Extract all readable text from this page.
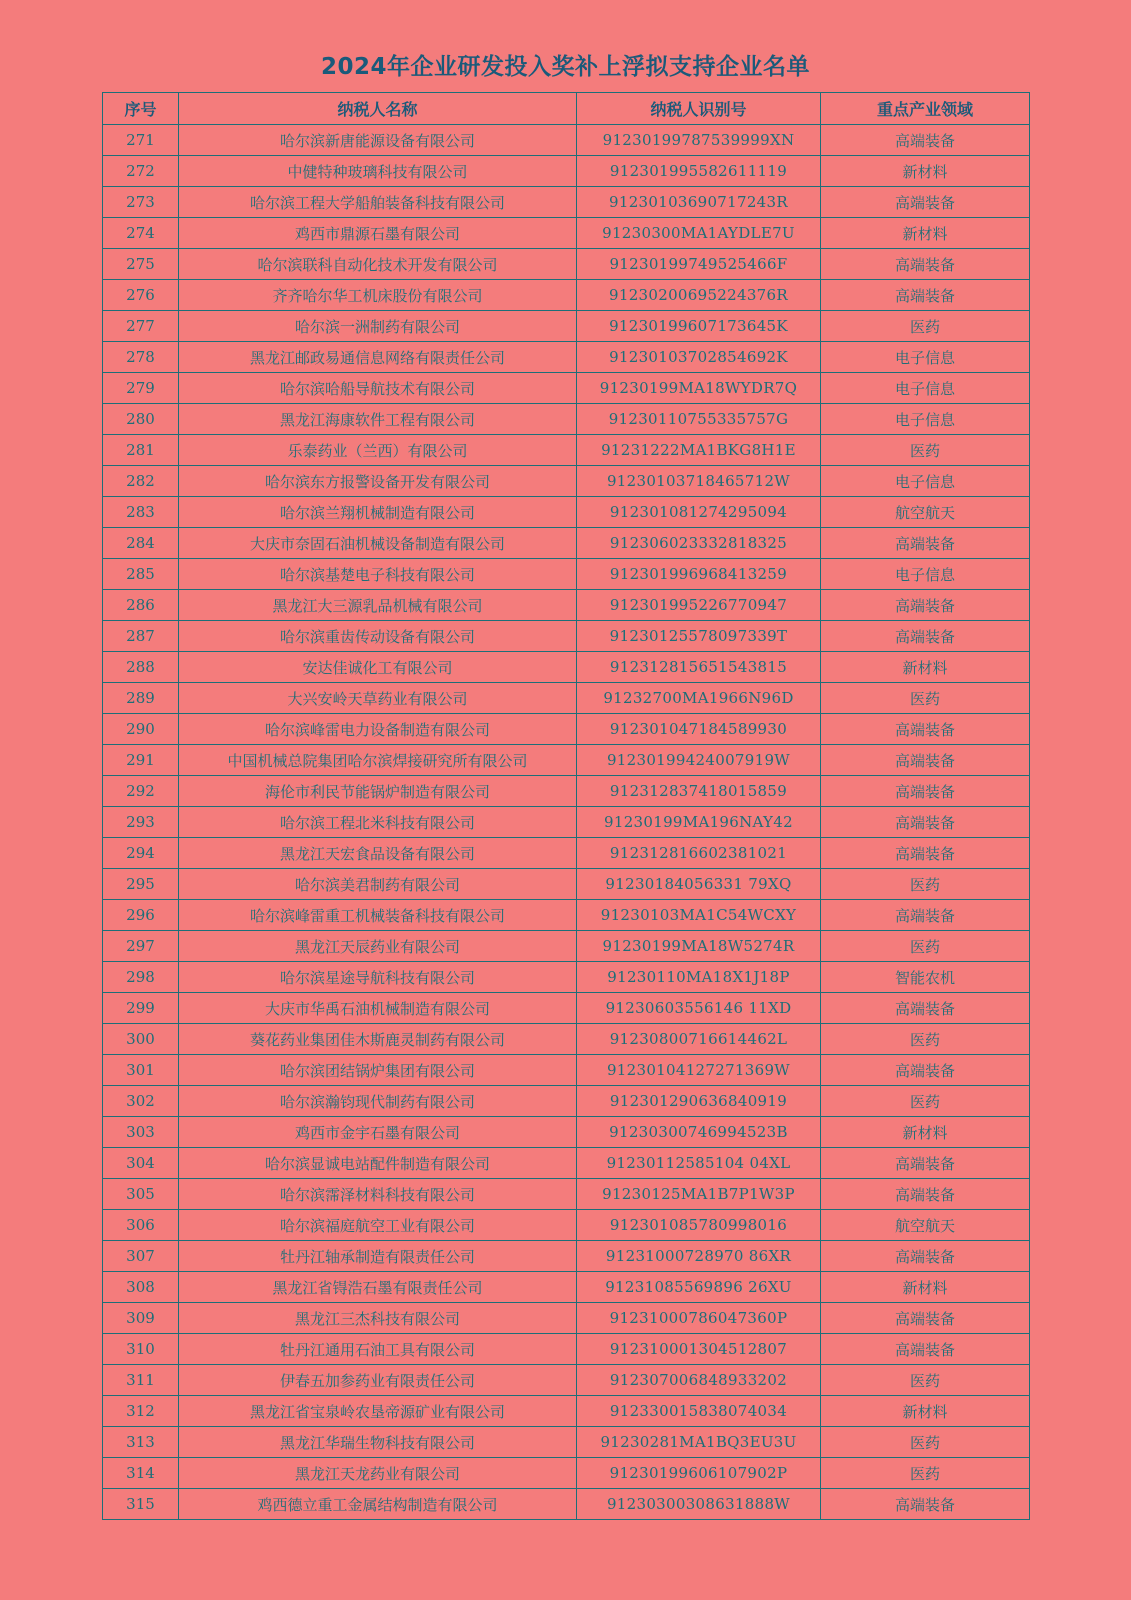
2024年企业研发投入奖补上浮拟支持企业名单
序号	纳税人名称	纳税人识别号	重点产业领域
271	哈尔滨新唐能源设备有限公司	91230199787539999XN	高端装备
272	中健特种玻璃科技有限公司	912301995582611119	新材料
273	哈尔滨工程大学船舶装备科技有限公司	91230103690717243R	高端装备
274	鸡西市鼎源石墨有限公司	91230300MA1AYDLE7U	新材料
275	哈尔滨联科自动化技术开发有限公司	91230199749525466F	高端装备
276	齐齐哈尔华工机床股份有限公司	91230200695224376R	高端装备
277	哈尔滨一洲制药有限公司	91230199607173645K	医药
278	黑龙江邮政易通信息网络有限责任公司	91230103702854692K	电子信息
279	哈尔滨哈船导航技术有限公司	91230199MA18WYDR7Q	电子信息
280	黑龙江海康软件工程有限公司	91230110755335757G	电子信息
281	乐泰药业（兰西）有限公司	91231222MA1BKG8H1E	医药
282	哈尔滨东方报警设备开发有限公司	91230103718465712W	电子信息
283	哈尔滨兰翔机械制造有限公司	912301081274295094	航空航天
284	大庆市奈固石油机械设备制造有限公司	912306023332818325	高端装备
285	哈尔滨基楚电子科技有限公司	912301996968413259	电子信息
286	黑龙江大三源乳品机械有限公司	912301995226770947	高端装备
287	哈尔滨重齿传动设备有限公司	91230125578097339T	高端装备
288	安达佳诚化工有限公司	912312815651543815	新材料
289	大兴安岭天草药业有限公司	91232700MA1966N96D	医药
290	哈尔滨峰雷电力设备制造有限公司	912301047184589930	高端装备
291	中国机械总院集团哈尔滨焊接研究所有限公司	91230199424007919W	高端装备
292	海伦市利民节能锅炉制造有限公司	912312837418015859	高端装备
293	哈尔滨工程北米科技有限公司	91230199MA196NAY42	高端装备
294	黑龙江天宏食品设备有限公司	912312816602381021	高端装备
295	哈尔滨美君制药有限公司	91230184056331 79XQ	医药
296	哈尔滨峰雷重工机械装备科技有限公司	91230103MA1C54WCXY	高端装备
297	黑龙江天辰药业有限公司	91230199MA18W5274R	医药
298	哈尔滨星途导航科技有限公司	91230110MA18X1J18P	智能农机
299	大庆市华禹石油机械制造有限公司	91230603556146 11XD	高端装备
300	葵花药业集团佳木斯鹿灵制药有限公司	91230800716614462L	医药
301	哈尔滨团结锅炉集团有限公司	91230104127271369W	高端装备
302	哈尔滨瀚钧现代制药有限公司	912301290636840919	医药
303	鸡西市金宇石墨有限公司	91230300746994523B	新材料
304	哈尔滨显诚电站配件制造有限公司	91230112585104 04XL	高端装备
305	哈尔滨霈泽材料科技有限公司	91230125MA1B7P1W3P	高端装备
306	哈尔滨福庭航空工业有限公司	912301085780998016	航空航天
307	牡丹江轴承制造有限责任公司	91231000728970 86XR	高端装备
308	黑龙江省锝浩石墨有限责任公司	91231085569896 26XU	新材料
309	黑龙江三杰科技有限公司	91231000786047360P	高端装备
310	牡丹江通用石油工具有限公司	912310001304512807	高端装备
311	伊春五加参药业有限责任公司	912307006848933202	医药
312	黑龙江省宝泉岭农垦帝源矿业有限公司	912330015838074034	新材料
313	黑龙江华瑞生物科技有限公司	91230281MA1BQ3EU3U	医药
314	黑龙江天龙药业有限公司	91230199606107902P	医药
315	鸡西德立重工金属结构制造有限公司	91230300308631888W	高端装备
